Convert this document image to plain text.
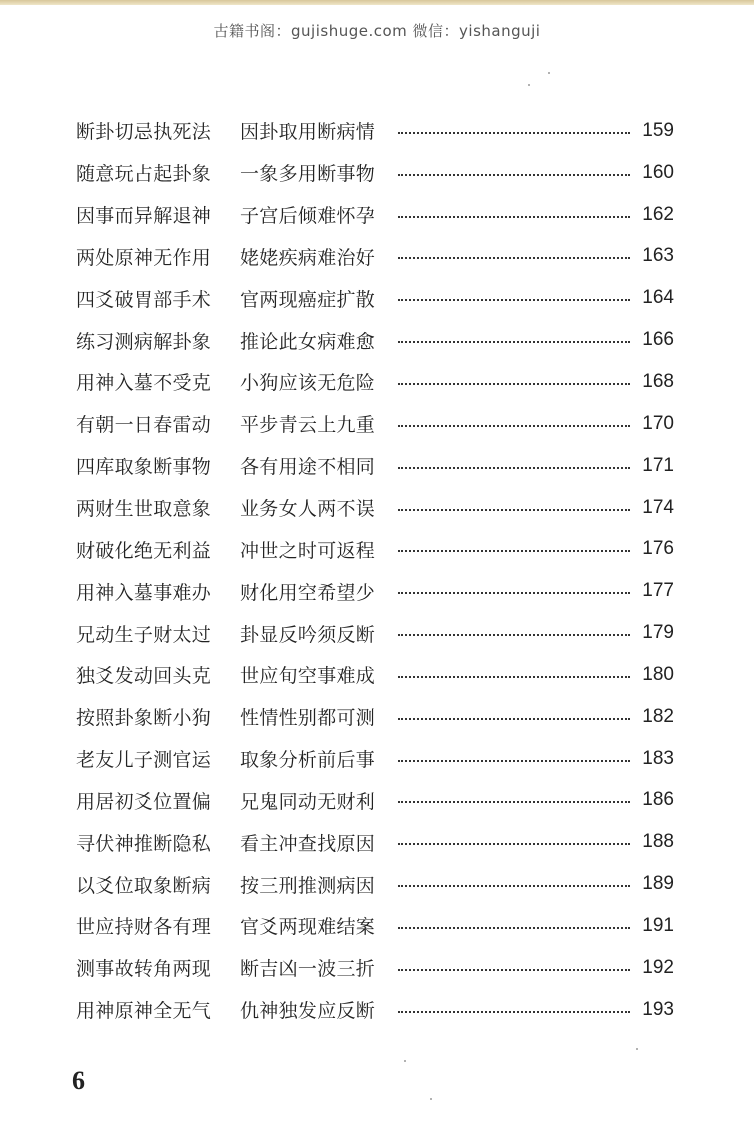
古籍书阁：gujishuge.com 微信：yishanguji
断卦切忌执死法	因卦取用断病情	159
随意玩占起卦象	一象多用断事物	160
因事而异解退神	子宫后倾难怀孕	162
两处原神无作用	姥姥疾病难治好	163
四爻破胃部手术	官两现癌症扩散	164
练习测病解卦象	推论此女病难愈	166
用神入墓不受克	小狗应该无危险	168
有朝一日春雷动	平步青云上九重	170
四库取象断事物	各有用途不相同	171
两财生世取意象	业务女人两不误	174
财破化绝无利益	冲世之时可返程	176
用神入墓事难办	财化用空希望少	177
兄动生子财太过	卦显反吟须反断	179
独爻发动回头克	世应旬空事难成	180
按照卦象断小狗	性情性别都可测	182
老友儿子测官运	取象分析前后事	183
用居初爻位置偏	兄鬼同动无财利	186
寻伏神推断隐私	看主冲查找原因	188
以爻位取象断病	按三刑推测病因	189
世应持财各有理	官爻两现难结案	191
测事故转角两现	断吉凶一波三折	192
用神原神全无气	仇神独发应反断	193
6
